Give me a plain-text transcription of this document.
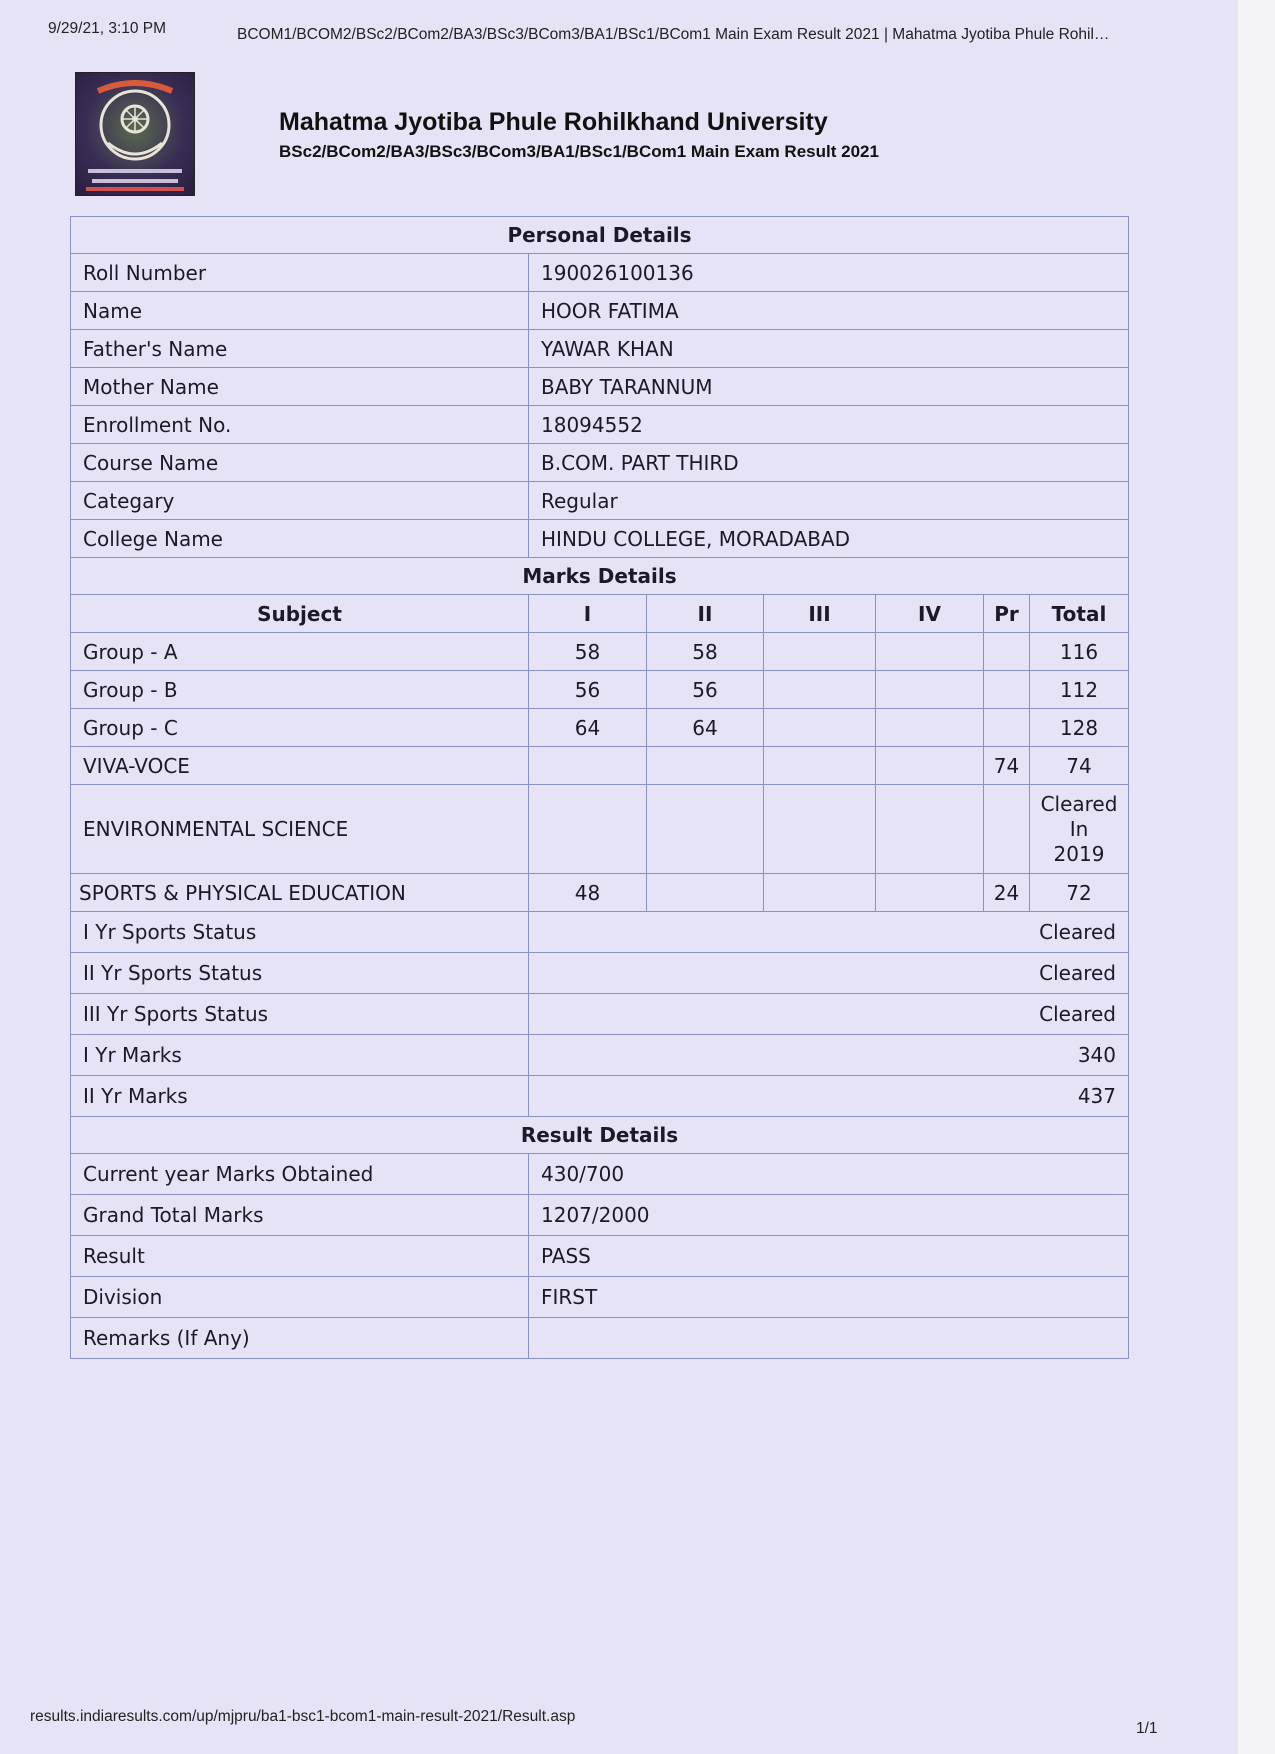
9/29/21, 3:10 PM	BCOM1/BCOM2/BSc2/BCom2/BA3/BSc3/BCom3/BA1/BSc1/BCom1 Main Exam Result 2021 | Mahatma Jyotiba Phule Rohil…
Mahatma Jyotiba Phule Rohilkhand University
BSc2/BCom2/BA3/BSc3/BCom3/BA1/BSc1/BCom1 Main Exam Result 2021
Personal Details						
Roll Number	190026100136					
Name	HOOR FATIMA					
Father's Name	YAWAR KHAN					
Mother Name	BABY TARANNUM					
Enrollment No.	18094552					
Course Name	B.COM. PART THIRD					
Categary	Regular					
College Name	HINDU COLLEGE, MORADABAD					
Marks Details						
Subject	I	II	III	IV	Pr	Total
Group - A	58	58				116
Group - B	56	56				112
Group - C	64	64				128
VIVA-VOCE					74	74
ENVIRONMENTAL SCIENCE						Cleared
In
2019

SPORTS & PHYSICAL EDUCATION	48				24	72
I Yr Sports Status	Cleared					
II Yr Sports Status	Cleared					
III Yr Sports Status	Cleared					
I Yr Marks	340					
II Yr Marks	437					
Result Details						
Current year Marks Obtained	430/700					
Grand Total Marks	1207/2000					
Result	PASS					
Division	FIRST					
Remarks (If Any)						
results.indiaresults.com/up/mjpru/ba1-bsc1-bcom1-main-result-2021/Result.asp
1/1
